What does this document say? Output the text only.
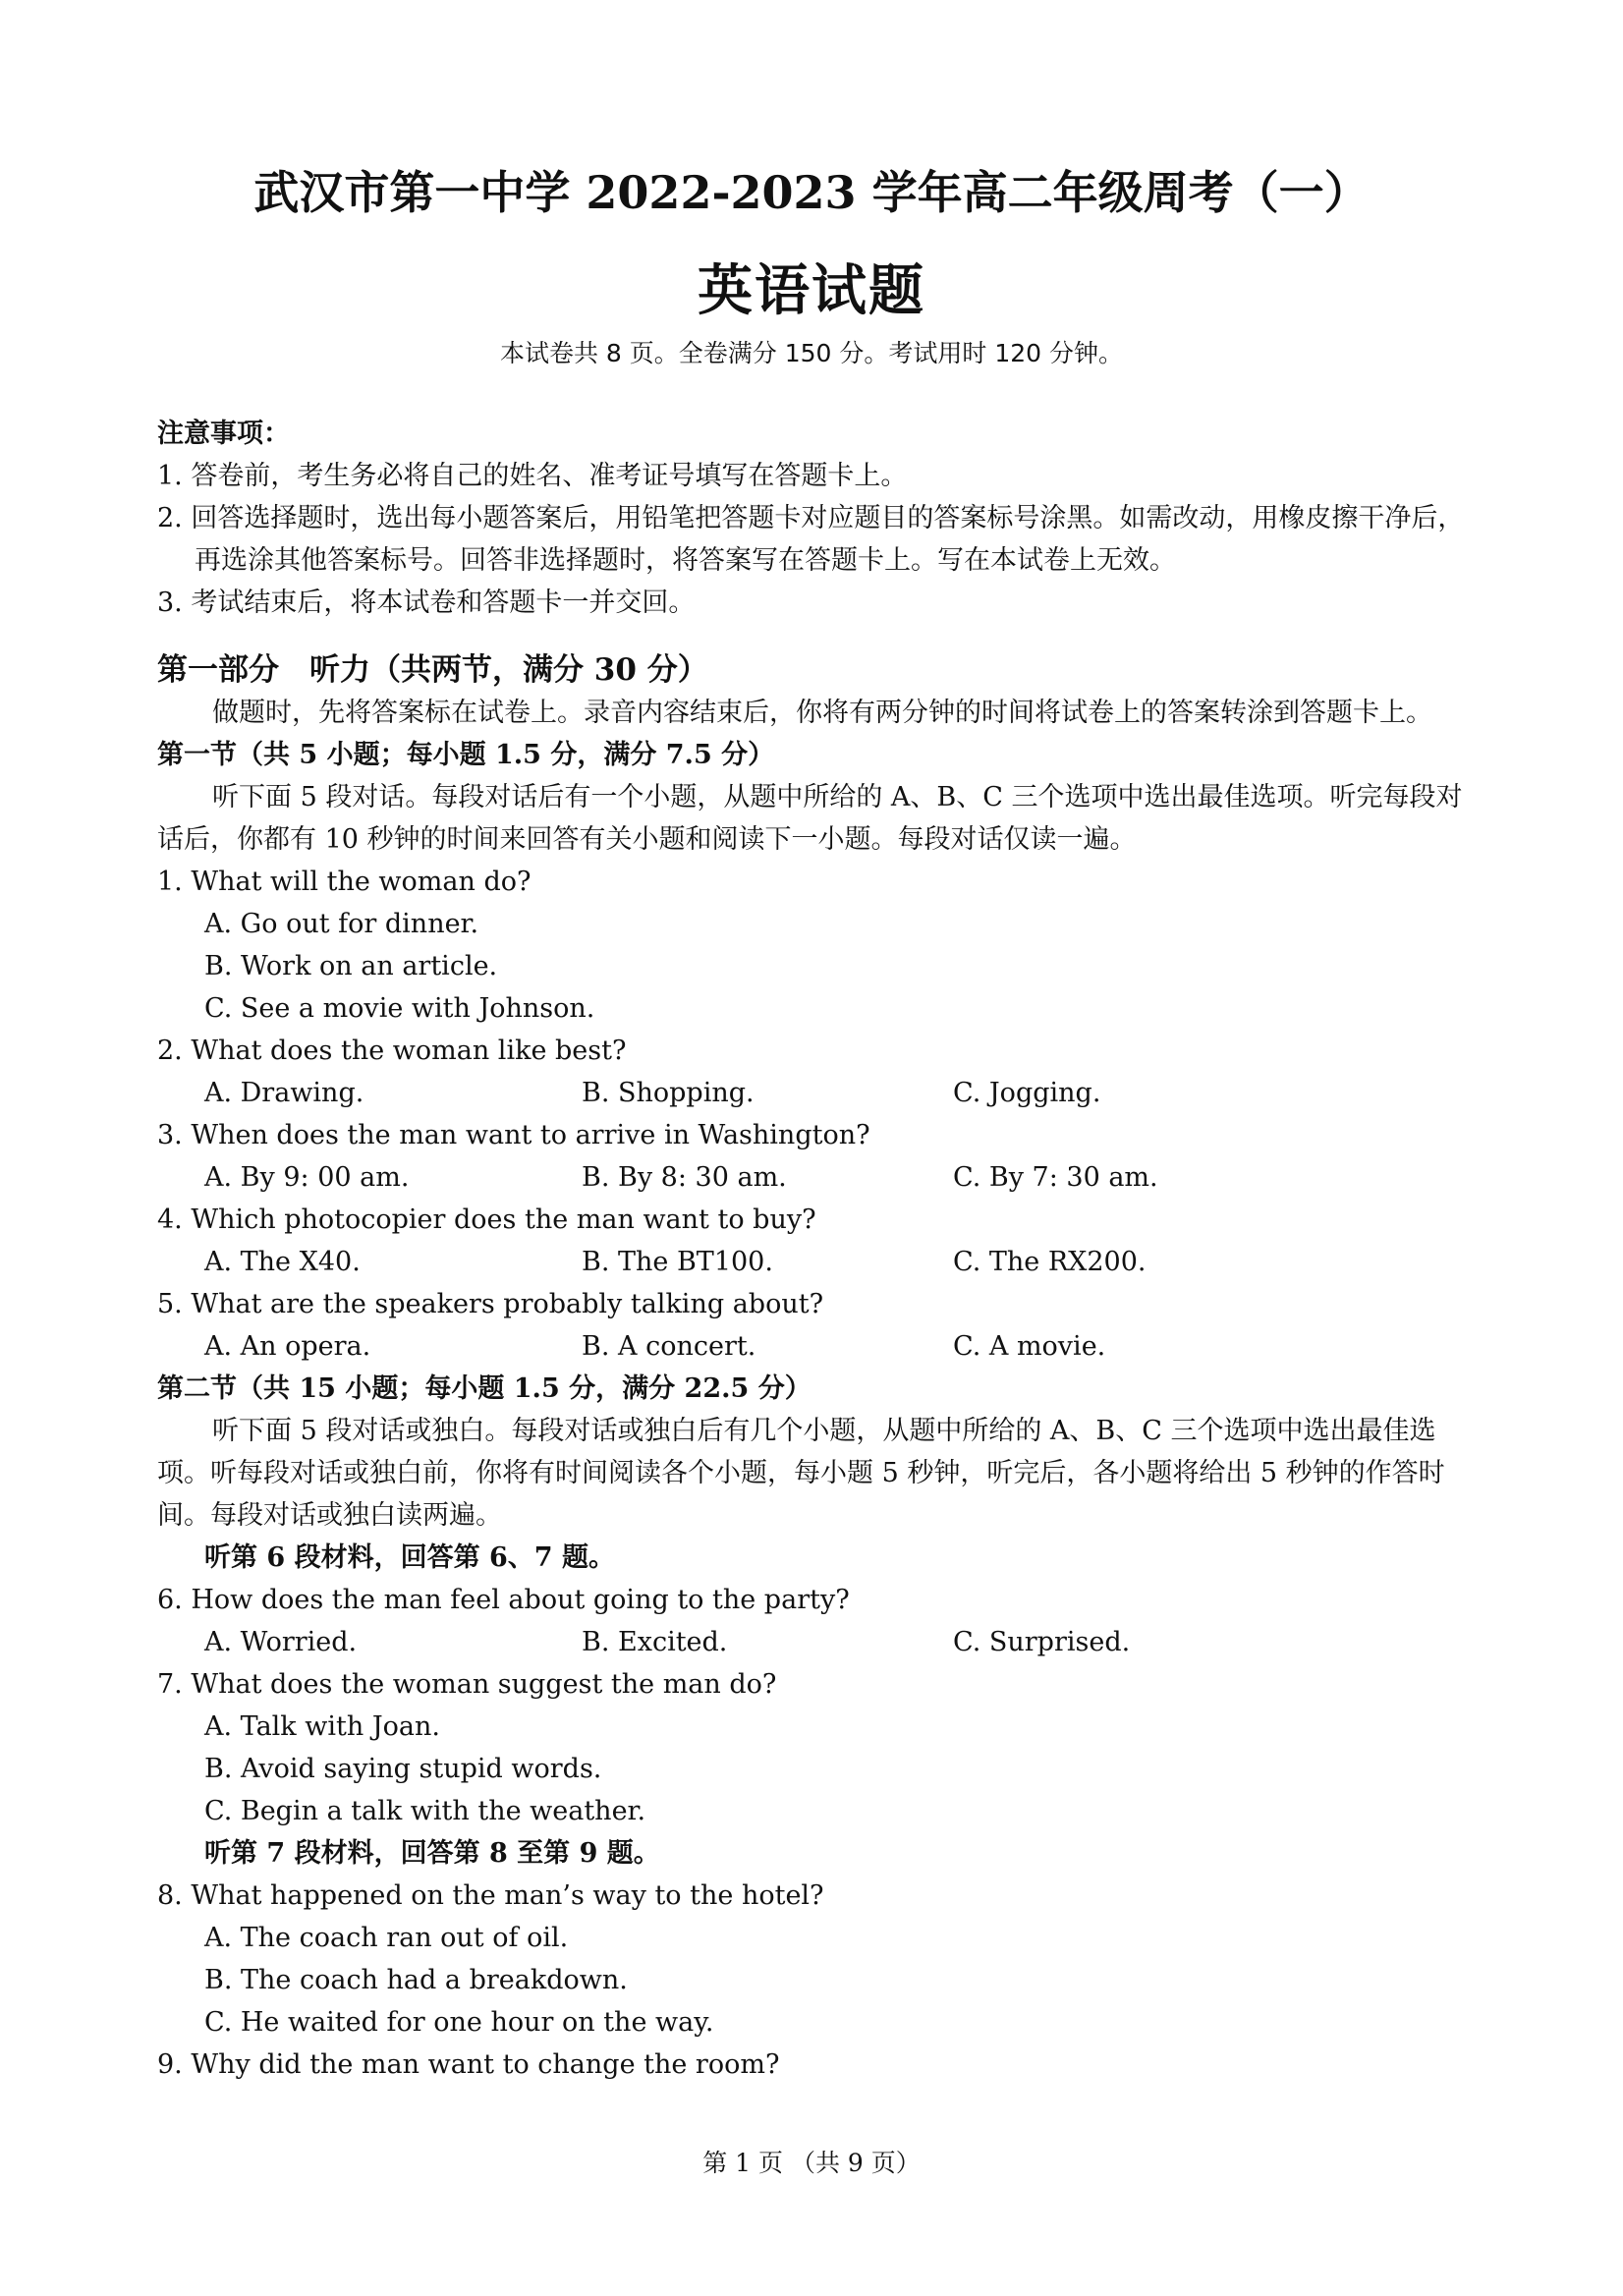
武汉市第一中学 2022-2023 学年高二年级周考（一）
英语试题
本试卷共 8 页。全卷满分 150 分。考试用时 120 分钟。
注意事项：
1. 答卷前，考生务必将自己的姓名、准考证号填写在答题卡上。
2. 回答选择题时，选出每小题答案后，用铅笔把答题卡对应题目的答案标号涂黑。如需改动，用橡皮擦干净后，再选涂其他答案标号。回答非选择题时，将答案写在答题卡上。写在本试卷上无效。
3. 考试结束后，将本试卷和答题卡一并交回。
第一部分　听力（共两节，满分 30 分）
做题时，先将答案标在试卷上。录音内容结束后，你将有两分钟的时间将试卷上的答案转涂到答题卡上。
第一节（共 5 小题；每小题 1.5 分，满分 7.5 分）
听下面 5 段对话。每段对话后有一个小题，从题中所给的 A、B、C 三个选项中选出最佳选项。听完每段对话后，你都有 10 秒钟的时间来回答有关小题和阅读下一小题。每段对话仅读一遍。
1. What will the woman do?
A. Go out for dinner.
B. Work on an article.
C. See a movie with Johnson.
2. What does the woman like best?
A. Drawing.	B. Shopping.	C. Jogging.
3. When does the man want to arrive in Washington?
A. By 9: 00 am.	B. By 8: 30 am.	C. By 7: 30 am.
4. Which photocopier does the man want to buy?
A. The X40.	B. The BT100.	C. The RX200.
5. What are the speakers probably talking about?
A. An opera.	B. A concert.	C. A movie.
第二节（共 15 小题；每小题 1.5 分，满分 22.5 分）
听下面 5 段对话或独白。每段对话或独白后有几个小题，从题中所给的 A、B、C 三个选项中选出最佳选项。听每段对话或独白前，你将有时间阅读各个小题，每小题 5 秒钟，听完后，各小题将给出 5 秒钟的作答时间。每段对话或独白读两遍。
听第 6 段材料，回答第 6、7 题。
6. How does the man feel about going to the party?
A. Worried.	B. Excited.	C. Surprised.
7. What does the woman suggest the man do?
A. Talk with Joan.
B. Avoid saying stupid words.
C. Begin a talk with the weather.
听第 7 段材料，回答第 8 至第 9 题。
8. What happened on the man’s way to the hotel?
A. The coach ran out of oil.
B. The coach had a breakdown.
C. He waited for one hour on the way.
9. Why did the man want to change the room?
第 1 页 （共 9 页）
